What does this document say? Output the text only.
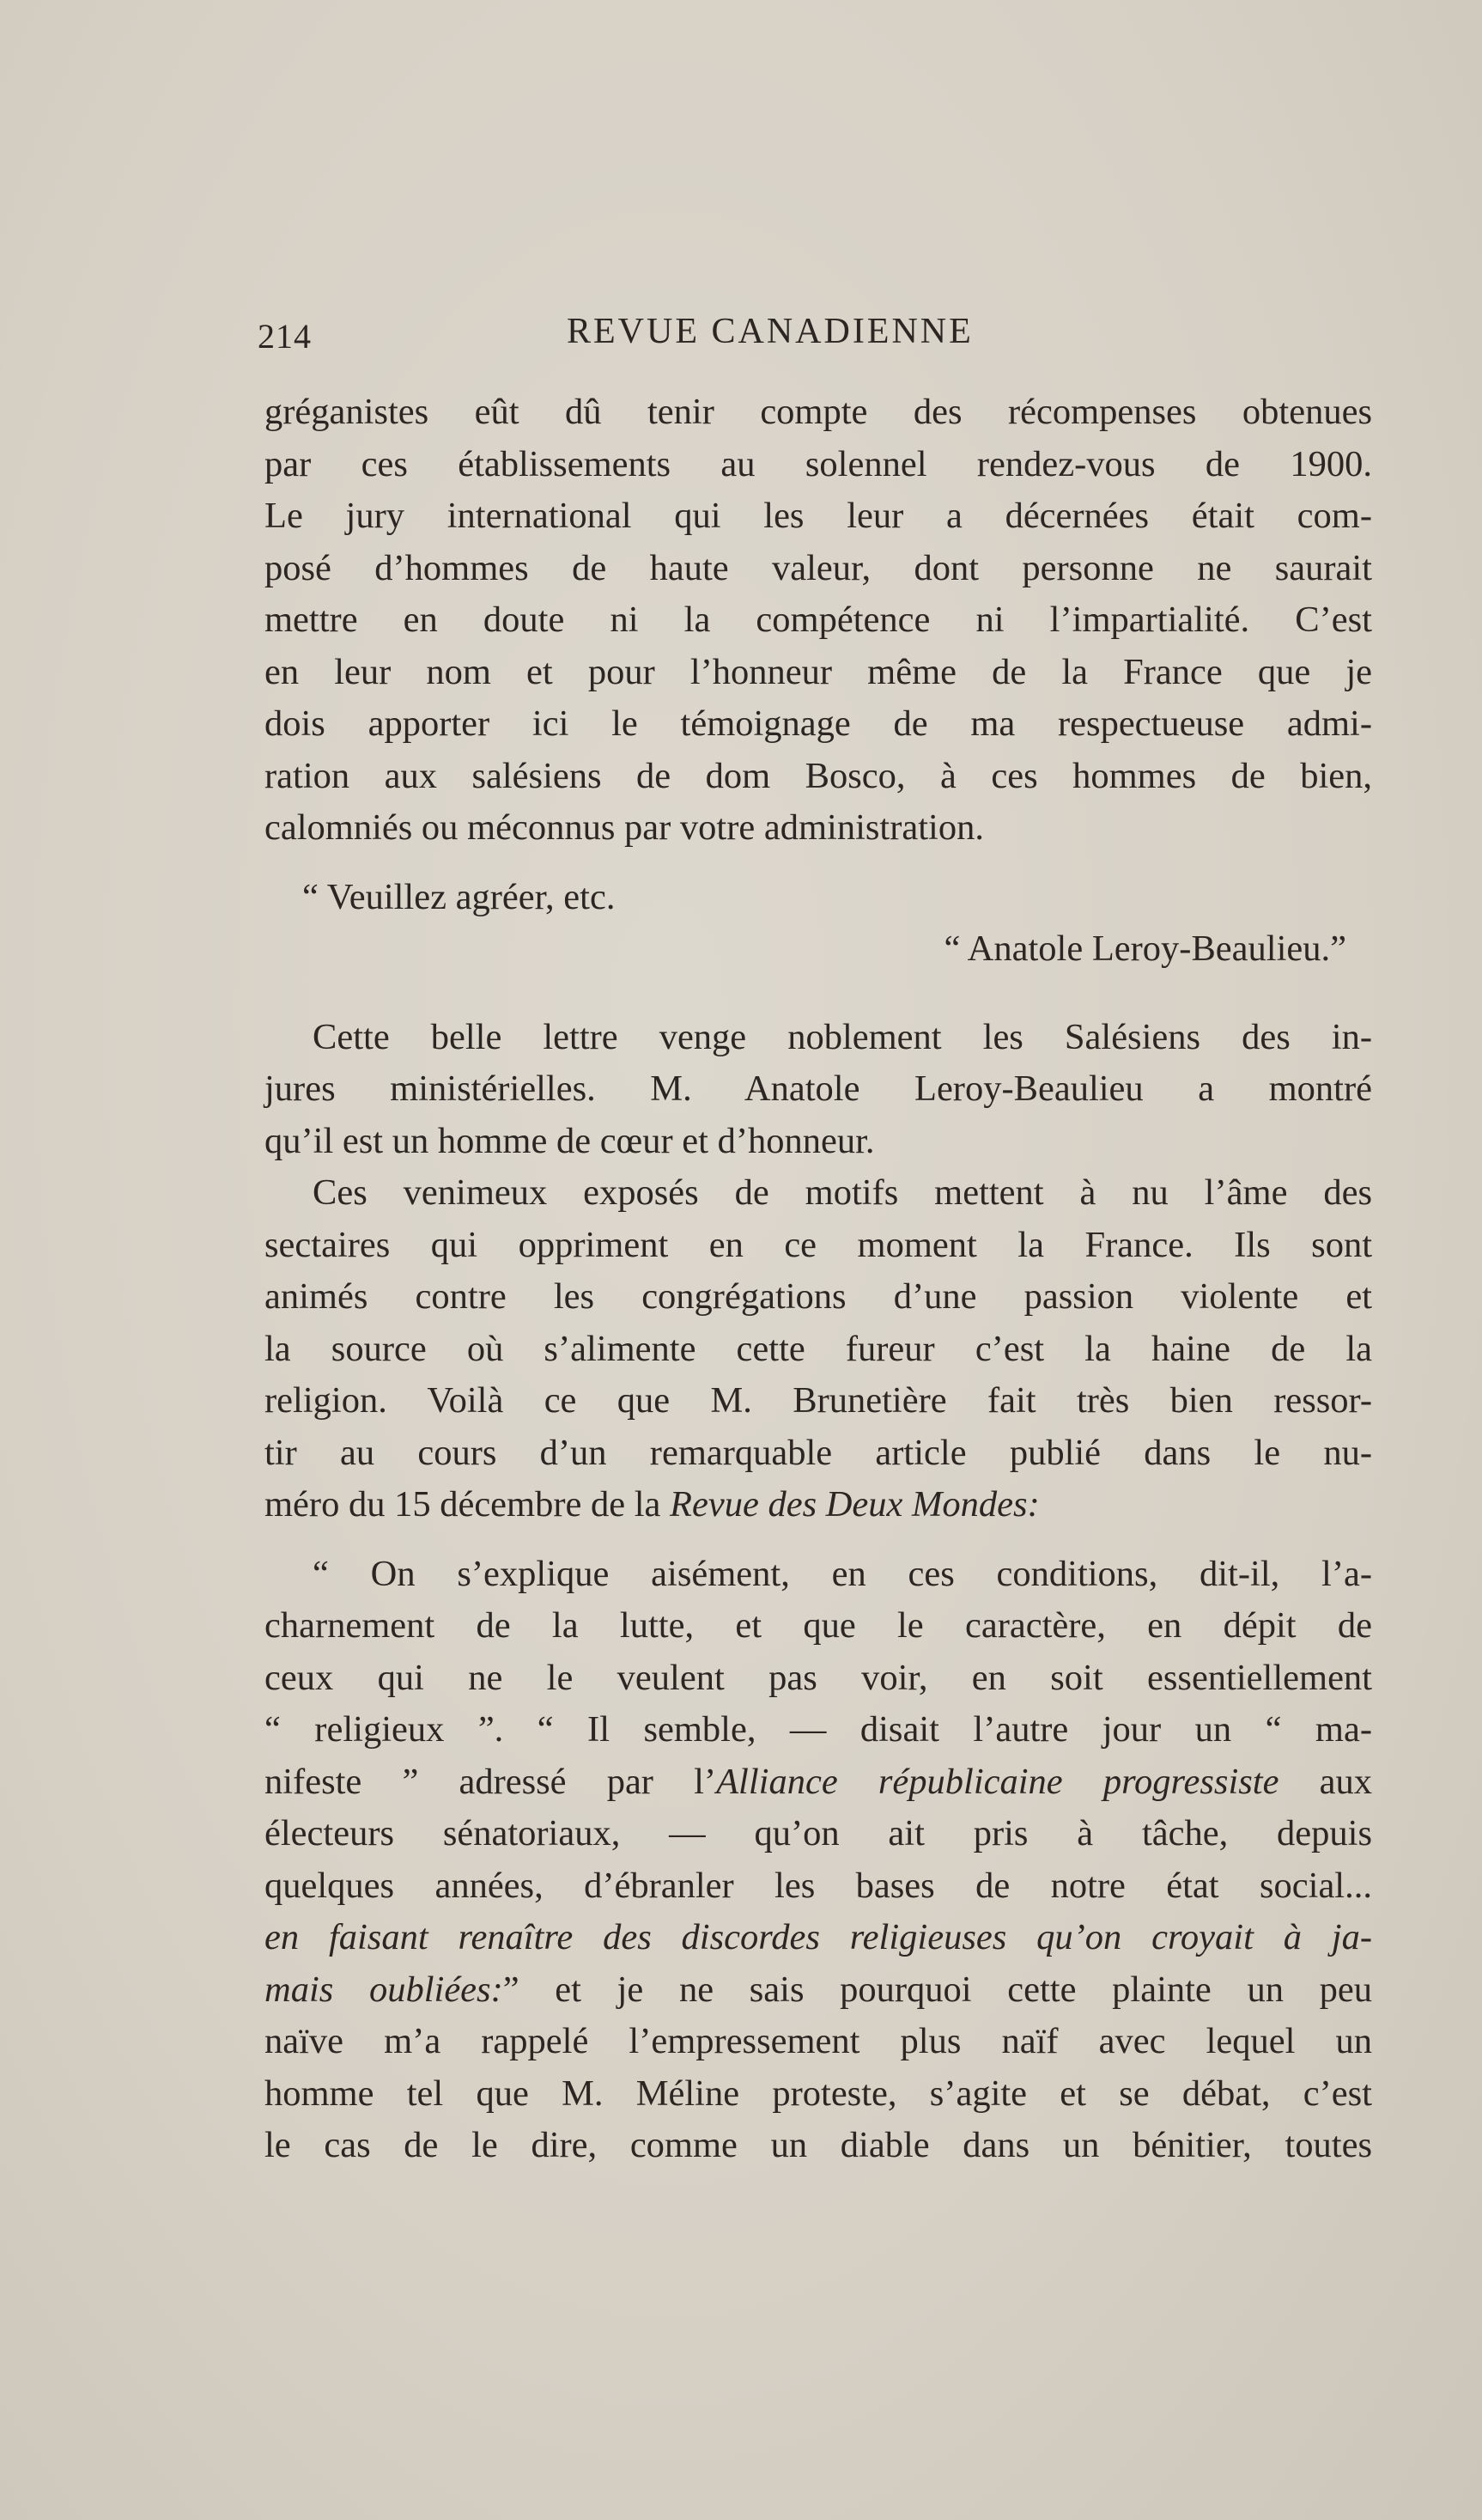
214	REVUE CANADIENNE
gréganistes eût dû tenir compte des récompenses obtenues
par ces établissements au solennel rendez-vous de 1900.
Le jury international qui les leur a décernées était com-
posé d’hommes de haute valeur, dont personne ne saurait
mettre en doute ni la compétence ni l’impartialité. C’est
en leur nom et pour l’honneur même de la France que je
dois apporter ici le témoignage de ma respectueuse admi-
ration aux salésiens de dom Bosco, à ces hommes de bien,
calomniés ou méconnus par votre administration.
“ Veuillez agréer, etc.
“ Anatole Leroy-Beaulieu.”
Cette belle lettre venge noblement les Salésiens des in-
jures ministérielles. M. Anatole Leroy-Beaulieu a montré
qu’il est un homme de cœur et d’honneur.
Ces venimeux exposés de motifs mettent à nu l’âme des
sectaires qui oppriment en ce moment la France. Ils sont
animés contre les congrégations d’une passion violente et
la source où s’alimente cette fureur c’est la haine de la
religion. Voilà ce que M. Brunetière fait très bien ressor-
tir au cours d’un remarquable article publié dans le nu-
méro du 15 décembre de la Revue des Deux Mondes:
“ On s’explique aisément, en ces conditions, dit-il, l’a-
charnement de la lutte, et que le caractère, en dépit de
ceux qui ne le veulent pas voir, en soit essentiellement
“ religieux ”. “ Il semble, — disait l’autre jour un “ ma-
nifeste ” adressé par l’Alliance républicaine progressiste aux
électeurs sénatoriaux, — qu’on ait pris à tâche, depuis
quelques années, d’ébranler les bases de notre état social...
en faisant renaître des discordes religieuses qu’on croyait à ja-
mais oubliées:” et je ne sais pourquoi cette plainte un peu
naïve m’a rappelé l’empressement plus naïf avec lequel un
homme tel que M. Méline proteste, s’agite et se débat, c’est
le cas de le dire, comme un diable dans un bénitier, toutes
